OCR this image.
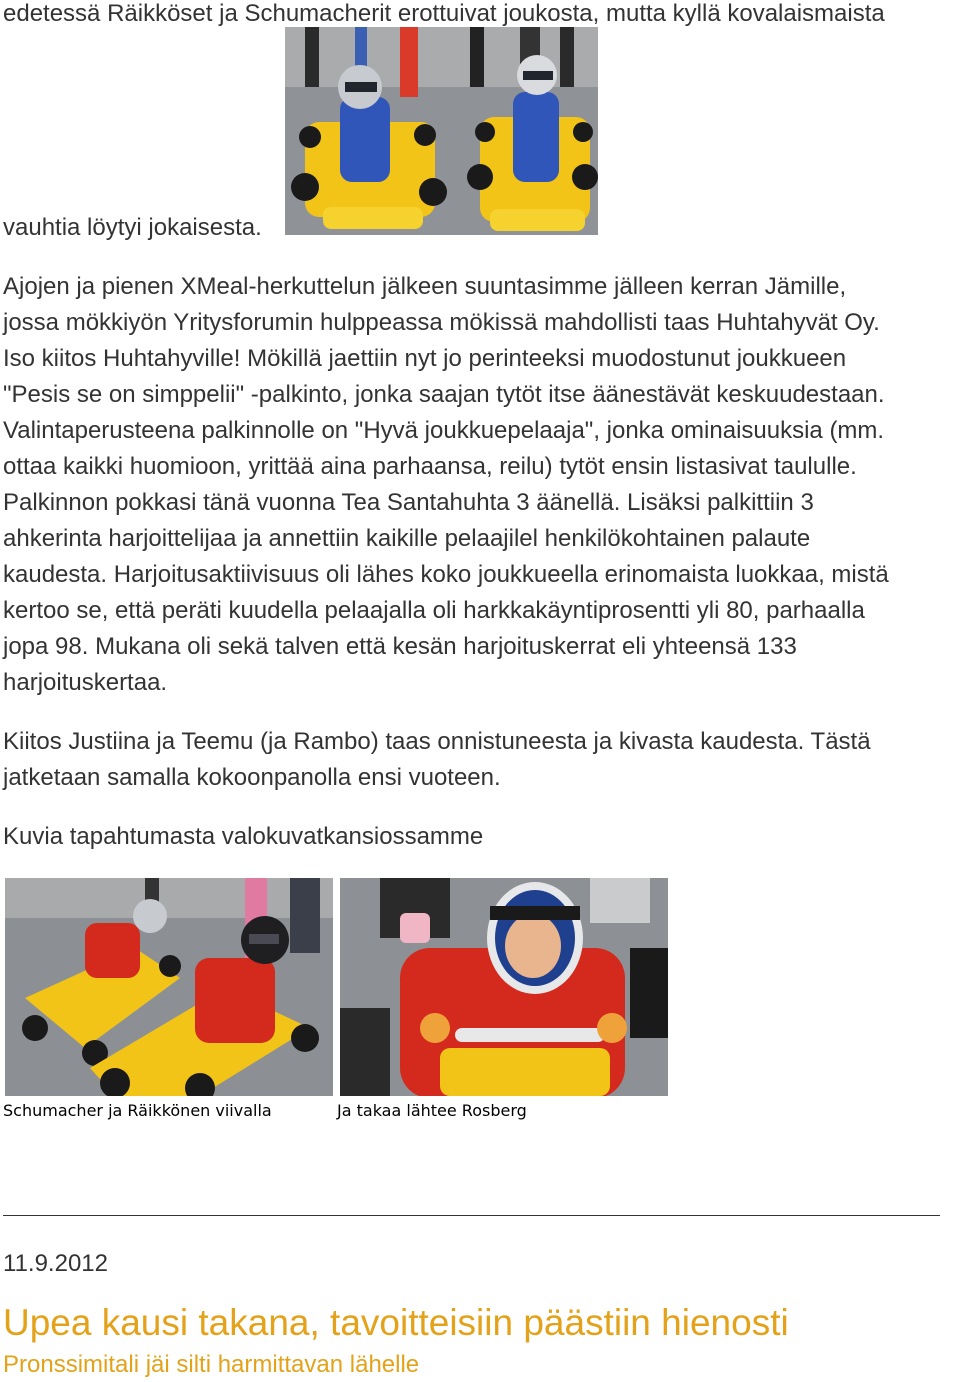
edetessä Räikköset ja Schumacherit erottuivat joukosta, mutta kyllä kovalaismaista
vauhtia löytyi jokaisesta.
Ajojen ja pienen XMeal-herkuttelun jälkeen suuntasimme jälleen kerran Jämille,
jossa mökkiyön Yritysforumin hulppeassa mökissä mahdollisti taas Huhtahyvät Oy.
Iso kiitos Huhtahyville! Mökillä jaettiin nyt jo perinteeksi muodostunut joukkueen
"Pesis se on simppelii" -palkinto, jonka saajan tytöt itse äänestävät keskuudestaan.
Valintaperusteena palkinnolle on "Hyvä joukkuepelaaja", jonka ominaisuuksia (mm.
ottaa kaikki huomioon, yrittää aina parhaansa, reilu) tytöt ensin listasivat taululle.
Palkinnon pokkasi tänä vuonna Tea Santahuhta 3 äänellä. Lisäksi palkittiin 3
ahkerinta harjoittelijaa ja annettiin kaikille pelaajilel henkilökohtainen palaute
kaudesta. Harjoitusaktiivisuus oli lähes koko joukkueella erinomaista luokkaa, mistä
kertoo se, että peräti kuudella pelaajalla oli harkkakäyntiprosentti yli 80, parhaalla
jopa 98. Mukana oli sekä talven että kesän harjoituskerrat eli yhteensä 133
harjoituskertaa.
Kiitos Justiina ja Teemu (ja Rambo) taas onnistuneesta ja kivasta kaudesta. Tästä
jatketaan samalla kokoonpanolla ensi vuoteen.
Kuvia tapahtumasta valokuvatkansiossamme
Schumacher ja Räikkönen viivalla	Ja takaa lähtee Rosberg
11.9.2012
Upea kausi takana, tavoitteisiin päästiin hienosti
Pronssimitali jäi silti harmittavan lähelle
